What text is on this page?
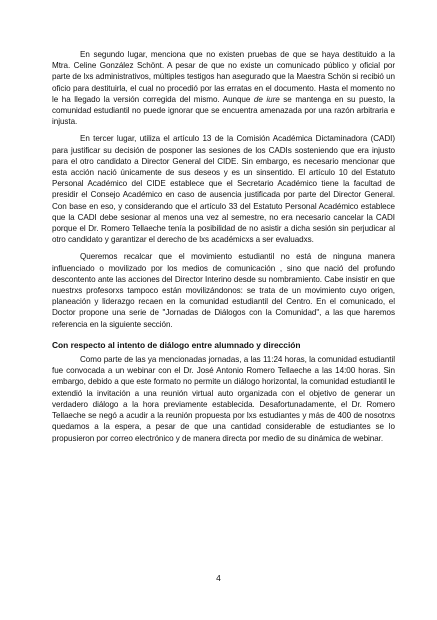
En segundo lugar, menciona que no existen pruebas de que se haya destituido a la Mtra. Celine González Schönt. A pesar de que no existe un comunicado público y oficial por parte de lxs administrativos, múltiples testigos han asegurado que la Maestra Schön si recibió un oficio para destituirla, el cual no procedió por las erratas en el documento. Hasta el momento no le ha llegado la versión corregida del mismo. Aunque de iure se mantenga en su puesto, la comunidad estudiantil no puede ignorar que se encuentra amenazada por una razón arbitraria e injusta.

En tercer lugar, utiliza el artículo 13 de la Comisión Académica Dictaminadora (CADI) para justificar su decisión de posponer las sesiones de los CADIs sosteniendo que era injusto para el otro candidato a Director General del CIDE. Sin embargo, es necesario mencionar que esta acción nació únicamente de sus deseos y es un sinsentido. El artículo 10 del Estatuto Personal Académico del CIDE establece que el Secretario Académico tiene la facultad de presidir el Consejo Académico en caso de ausencia justificada por parte del Director General. Con base en eso, y considerando que el artículo 33 del Estatuto Personal Académico establece que la CADI debe sesionar al menos una vez al semestre, no era necesario cancelar la CADI porque el Dr. Romero Tellaeche tenía la posibilidad de no asistir a dicha sesión sin perjudicar al otro candidato y garantizar el derecho de lxs académicxs a ser evaluadxs.

Queremos recalcar que el movimiento estudiantil no está de ninguna manera influenciado o movilizado por los medios de comunicación , sino que nació del profundo descontento ante las acciones del Director Interino desde su nombramiento. Cabe insistir en que nuestrxs profesorxs tampoco están movilizándonos: se trata de un movimiento cuyo origen, planeación y liderazgo recaen en la comunidad estudiantil del Centro. En el comunicado, el Doctor propone una serie de "Jornadas de Diálogos con la Comunidad", a las que haremos referencia en la siguiente sección.

Con respecto al intento de diálogo entre alumnado y dirección

Como parte de las ya mencionadas jornadas, a las 11:24 horas, la comunidad estudiantil fue convocada a un webinar con el Dr. José Antonio Romero Tellaeche a las 14:00 horas. Sin embargo, debido a que este formato no permite un diálogo horizontal, la comunidad estudiantil le extendió la invitación a una reunión virtual auto organizada con el objetivo de generar un verdadero diálogo a la hora previamente establecida. Desafortunadamente, el Dr. Romero Tellaeche se negó a acudir a la reunión propuesta por lxs estudiantes y más de 400 de nosotrxs quedamos a la espera, a pesar de que una cantidad considerable de estudiantes se lo propusieron por correo electrónico y de manera directa por medio de su dinámica de webinar.

4
